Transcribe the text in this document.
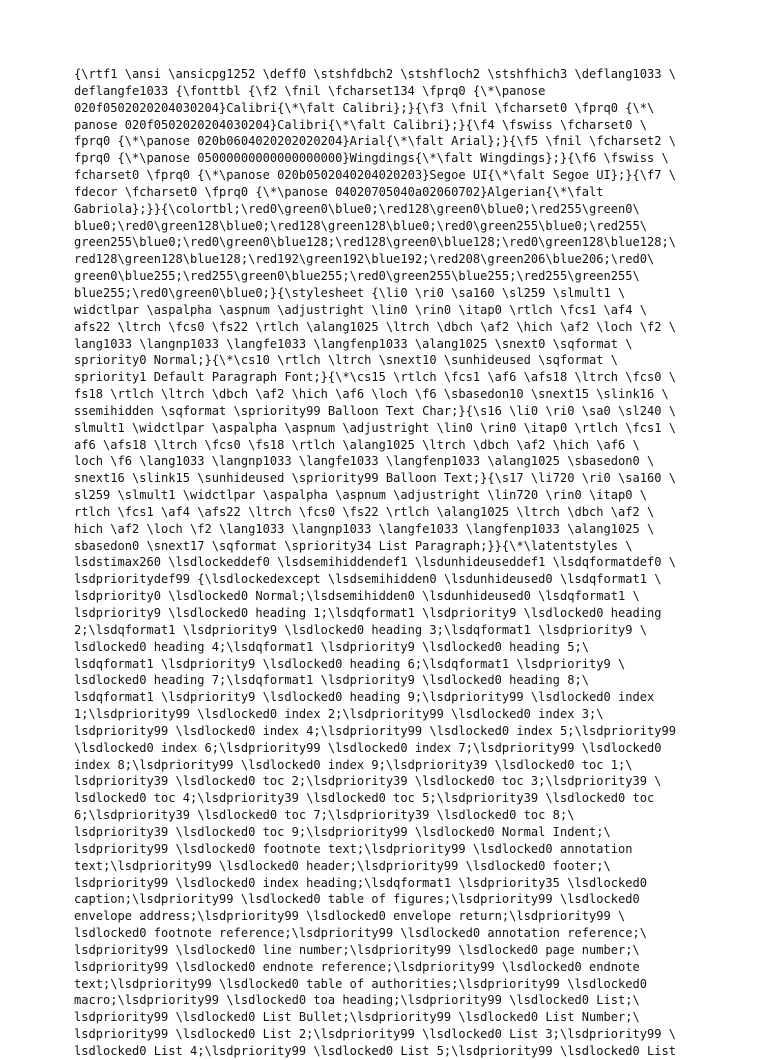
{\rtf1 \ansi \ansicpg1252 \deff0 \stshfdbch2 \stshfloch2 \stshfhich3 \deflang1033 \
deflangfe1033 {\fonttbl {\f2 \fnil \fcharset134 \fprq0 {\*\panose
020f0502020204030204}Calibri{\*\falt Calibri};}{\f3 \fnil \fcharset0 \fprq0 {\*\
panose 020f0502020204030204}Calibri{\*\falt Calibri};}{\f4 \fswiss \fcharset0 \
fprq0 {\*\panose 020b0604020202020204}Arial{\*\falt Arial};}{\f5 \fnil \fcharset2 \
fprq0 {\*\panose 05000000000000000000}Wingdings{\*\falt Wingdings};}{\f6 \fswiss \
fcharset0 \fprq0 {\*\panose 020b0502040204020203}Segoe UI{\*\falt Segoe UI};}{\f7 \
fdecor \fcharset0 \fprq0 {\*\panose 04020705040a02060702}Algerian{\*\falt
Gabriola};}}{\colortbl;\red0\green0\blue0;\red128\green0\blue0;\red255\green0\
blue0;\red0\green128\blue0;\red128\green128\blue0;\red0\green255\blue0;\red255\
green255\blue0;\red0\green0\blue128;\red128\green0\blue128;\red0\green128\blue128;\
red128\green128\blue128;\red192\green192\blue192;\red208\green206\blue206;\red0\
green0\blue255;\red255\green0\blue255;\red0\green255\blue255;\red255\green255\
blue255;\red0\green0\blue0;}{\stylesheet {\li0 \ri0 \sa160 \sl259 \slmult1 \
widctlpar \aspalpha \aspnum \adjustright \lin0 \rin0 \itap0 \rtlch \fcs1 \af4 \
afs22 \ltrch \fcs0 \fs22 \rtlch \alang1025 \ltrch \dbch \af2 \hich \af2 \loch \f2 \
lang1033 \langnp1033 \langfe1033 \langfenp1033 \alang1025 \snext0 \sqformat \
spriority0 Normal;}{\*\cs10 \rtlch \ltrch \snext10 \sunhideused \sqformat \
spriority1 Default Paragraph Font;}{\*\cs15 \rtlch \fcs1 \af6 \afs18 \ltrch \fcs0 \
fs18 \rtlch \ltrch \dbch \af2 \hich \af6 \loch \f6 \sbasedon10 \snext15 \slink16 \
ssemihidden \sqformat \spriority99 Balloon Text Char;}{\s16 \li0 \ri0 \sa0 \sl240 \
slmult1 \widctlpar \aspalpha \aspnum \adjustright \lin0 \rin0 \itap0 \rtlch \fcs1 \
af6 \afs18 \ltrch \fcs0 \fs18 \rtlch \alang1025 \ltrch \dbch \af2 \hich \af6 \
loch \f6 \lang1033 \langnp1033 \langfe1033 \langfenp1033 \alang1025 \sbasedon0 \
snext16 \slink15 \sunhideused \spriority99 Balloon Text;}{\s17 \li720 \ri0 \sa160 \
sl259 \slmult1 \widctlpar \aspalpha \aspnum \adjustright \lin720 \rin0 \itap0 \
rtlch \fcs1 \af4 \afs22 \ltrch \fcs0 \fs22 \rtlch \alang1025 \ltrch \dbch \af2 \
hich \af2 \loch \f2 \lang1033 \langnp1033 \langfe1033 \langfenp1033 \alang1025 \
sbasedon0 \snext17 \sqformat \spriority34 List Paragraph;}}{\*\latentstyles \
lsdstimax260 \lsdlockeddef0 \lsdsemihiddendef1 \lsdunhideuseddef1 \lsdqformatdef0 \
lsdprioritydef99 {\lsdlockedexcept \lsdsemihidden0 \lsdunhideused0 \lsdqformat1 \
lsdpriority0 \lsdlocked0 Normal;\lsdsemihidden0 \lsdunhideused0 \lsdqformat1 \
lsdpriority9 \lsdlocked0 heading 1;\lsdqformat1 \lsdpriority9 \lsdlocked0 heading
2;\lsdqformat1 \lsdpriority9 \lsdlocked0 heading 3;\lsdqformat1 \lsdpriority9 \
lsdlocked0 heading 4;\lsdqformat1 \lsdpriority9 \lsdlocked0 heading 5;\
lsdqformat1 \lsdpriority9 \lsdlocked0 heading 6;\lsdqformat1 \lsdpriority9 \
lsdlocked0 heading 7;\lsdqformat1 \lsdpriority9 \lsdlocked0 heading 8;\
lsdqformat1 \lsdpriority9 \lsdlocked0 heading 9;\lsdpriority99 \lsdlocked0 index
1;\lsdpriority99 \lsdlocked0 index 2;\lsdpriority99 \lsdlocked0 index 3;\
lsdpriority99 \lsdlocked0 index 4;\lsdpriority99 \lsdlocked0 index 5;\lsdpriority99
\lsdlocked0 index 6;\lsdpriority99 \lsdlocked0 index 7;\lsdpriority99 \lsdlocked0
index 8;\lsdpriority99 \lsdlocked0 index 9;\lsdpriority39 \lsdlocked0 toc 1;\
lsdpriority39 \lsdlocked0 toc 2;\lsdpriority39 \lsdlocked0 toc 3;\lsdpriority39 \
lsdlocked0 toc 4;\lsdpriority39 \lsdlocked0 toc 5;\lsdpriority39 \lsdlocked0 toc
6;\lsdpriority39 \lsdlocked0 toc 7;\lsdpriority39 \lsdlocked0 toc 8;\
lsdpriority39 \lsdlocked0 toc 9;\lsdpriority99 \lsdlocked0 Normal Indent;\
lsdpriority99 \lsdlocked0 footnote text;\lsdpriority99 \lsdlocked0 annotation
text;\lsdpriority99 \lsdlocked0 header;\lsdpriority99 \lsdlocked0 footer;\
lsdpriority99 \lsdlocked0 index heading;\lsdqformat1 \lsdpriority35 \lsdlocked0
caption;\lsdpriority99 \lsdlocked0 table of figures;\lsdpriority99 \lsdlocked0
envelope address;\lsdpriority99 \lsdlocked0 envelope return;\lsdpriority99 \
lsdlocked0 footnote reference;\lsdpriority99 \lsdlocked0 annotation reference;\
lsdpriority99 \lsdlocked0 line number;\lsdpriority99 \lsdlocked0 page number;\
lsdpriority99 \lsdlocked0 endnote reference;\lsdpriority99 \lsdlocked0 endnote
text;\lsdpriority99 \lsdlocked0 table of authorities;\lsdpriority99 \lsdlocked0
macro;\lsdpriority99 \lsdlocked0 toa heading;\lsdpriority99 \lsdlocked0 List;\
lsdpriority99 \lsdlocked0 List Bullet;\lsdpriority99 \lsdlocked0 List Number;\
lsdpriority99 \lsdlocked0 List 2;\lsdpriority99 \lsdlocked0 List 3;\lsdpriority99 \
lsdlocked0 List 4;\lsdpriority99 \lsdlocked0 List 5;\lsdpriority99 \lsdlocked0 List
